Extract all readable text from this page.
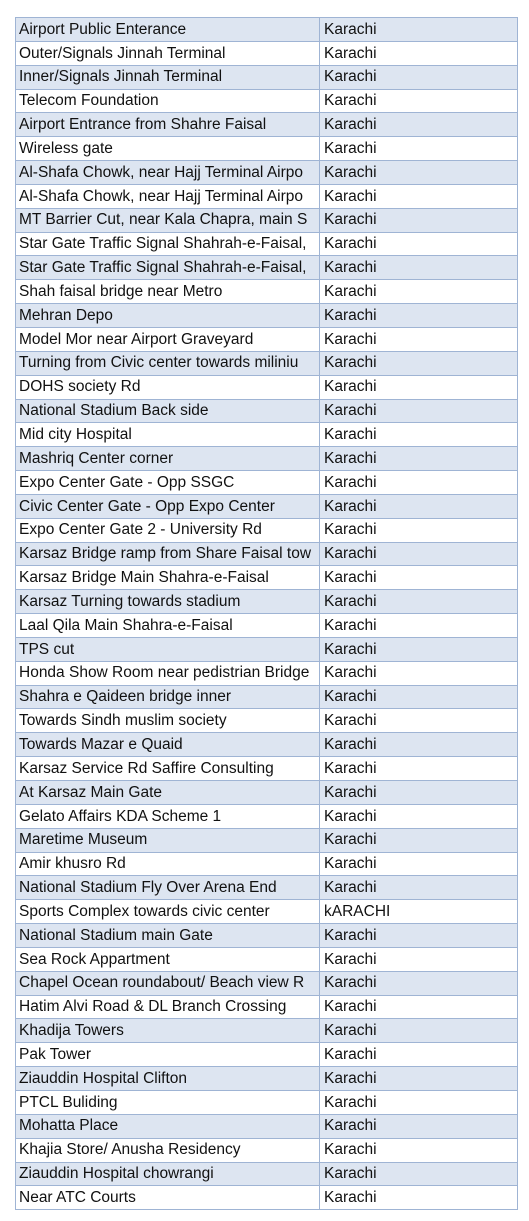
Airport Public Enterance	Karachi
Outer/Signals Jinnah Terminal	Karachi
Inner/Signals Jinnah Terminal	Karachi
Telecom Foundation	Karachi
Airport Entrance from Shahre Faisal	Karachi
Wireless gate	Karachi
Al-Shafa Chowk, near Hajj Terminal Airpo	Karachi
Al-Shafa Chowk, near Hajj Terminal Airpo	Karachi
MT Barrier Cut, near Kala Chapra, main S	Karachi
Star Gate Traffic Signal Shahrah-e-Faisal,	Karachi
Star Gate Traffic Signal Shahrah-e-Faisal,	Karachi
Shah faisal bridge near Metro	Karachi
Mehran Depo	Karachi
Model Mor near Airport Graveyard	Karachi
Turning from Civic center towards miliniu	Karachi
DOHS society Rd	Karachi
National Stadium Back side	Karachi
Mid city Hospital	Karachi
Mashriq Center corner	Karachi
Expo Center Gate - Opp SSGC	Karachi
Civic Center Gate - Opp Expo Center	Karachi
Expo Center Gate 2 - University Rd	Karachi
Karsaz Bridge ramp from Share Faisal tow	Karachi
Karsaz Bridge Main Shahra-e-Faisal	Karachi
Karsaz Turning towards stadium	Karachi
Laal Qila Main Shahra-e-Faisal	Karachi
TPS cut	Karachi
Honda Show Room near pedistrian Bridge	Karachi
Shahra e Qaideen bridge inner	Karachi
Towards Sindh muslim society	Karachi
Towards Mazar e Quaid	Karachi
Karsaz Service Rd Saffire Consulting	Karachi
At Karsaz Main Gate	Karachi
Gelato Affairs KDA Scheme 1	Karachi
Maretime Museum	Karachi
Amir khusro Rd	Karachi
National Stadium Fly Over Arena End	Karachi
Sports Complex towards civic center	kARACHI
National Stadium main Gate	Karachi
Sea Rock Appartment	Karachi
Chapel Ocean roundabout/ Beach view R	Karachi
Hatim Alvi Road & DL Branch Crossing	Karachi
Khadija Towers	Karachi
Pak Tower	Karachi
Ziauddin Hospital Clifton	Karachi
PTCL Buliding	Karachi
Mohatta Place	Karachi
Khajia Store/ Anusha Residency	Karachi
Ziauddin Hospital chowrangi	Karachi
Near ATC Courts	Karachi
